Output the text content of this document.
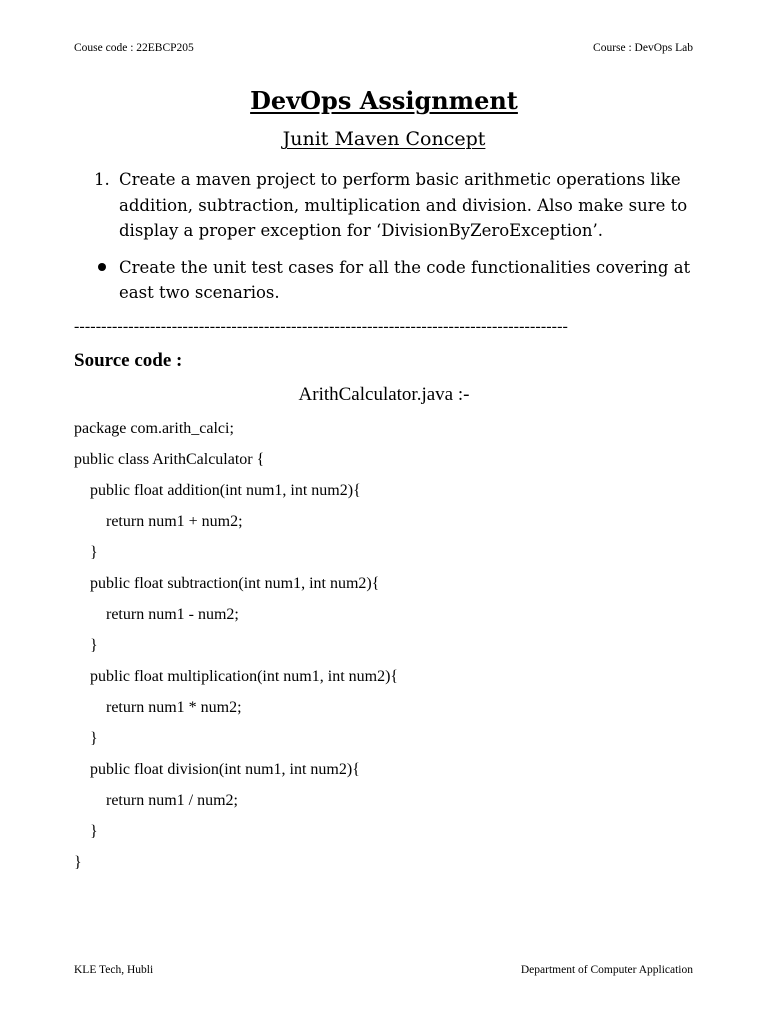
Couse code : 22EBCP205	Course : DevOps Lab
DevOps Assignment
Junit Maven Concept
1. Create a maven project to perform basic arithmetic operations like addition, subtraction, multiplication and division. Also make sure to display a proper exception for ‘DivisionByZeroException’.
Create the unit test cases for all the code functionalities covering at east two scenarios.
-------------------------------------------------------------------------------------------
Source code :
ArithCalculator.java :-
package com.arith_calci;
public class ArithCalculator {
public float addition(int num1, int num2){
return num1 + num2;
}
public float subtraction(int num1, int num2){
return num1 - num2;
}
public float multiplication(int num1, int num2){
return num1 * num2;
}
public float division(int num1, int num2){
return num1 / num2;
}
}
KLE Tech, Hubli	Department of Computer Application
